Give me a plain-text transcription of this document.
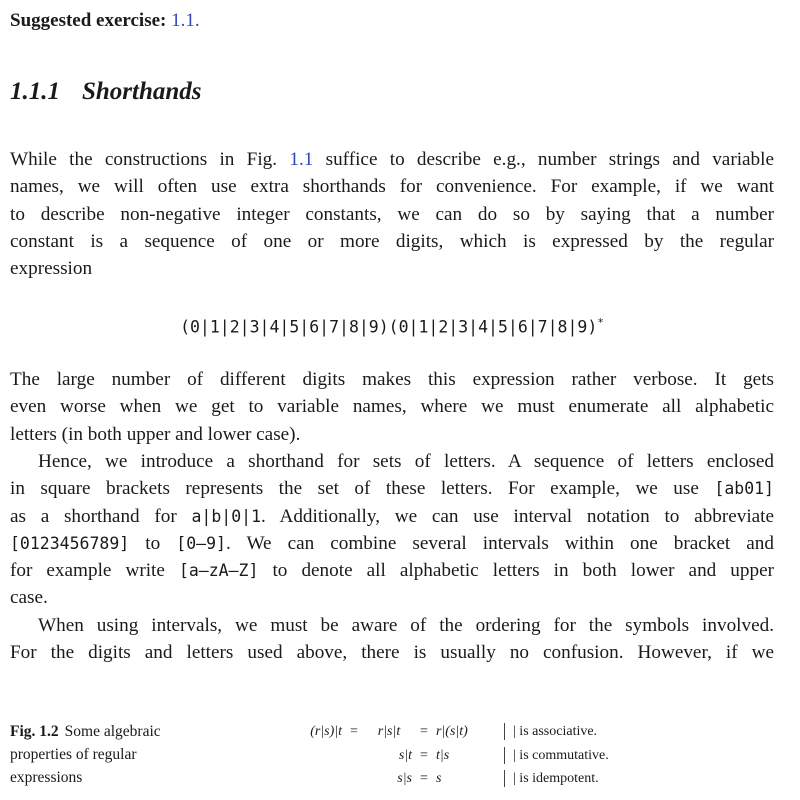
Suggested exercise: 1.1.
1.1.1 Shorthands

While the constructions in Fig. 1.1 suffice to describe e.g., number strings and variable
names, we will often use extra shorthands for convenience. For example, if we want
to describe non-negative integer constants, we can do so by saying that a number
constant is a sequence of one or more digits, which is expressed by the regular
expression

(0|1|2|3|4|5|6|7|8|9)(0|1|2|3|4|5|6|7|8|9)*

The large number of different digits makes this expression rather verbose. It gets
even worse when we get to variable names, where we must enumerate all alphabetic
letters (in both upper and lower case).

Hence, we introduce a shorthand for sets of letters. A sequence of letters enclosed
in square brackets represents the set of these letters. For example, we use [ab01]
as a shorthand for a|b|0|1. Additionally, we can use interval notation to abbreviate
[0123456789] to [0–9]. We can combine several intervals within one bracket and
for example write [a–zA–Z] to denote all alphabetic letters in both lower and upper
case.

When using intervals, we must be aware of the ordering for the symbols involved.
For the digits and letters used above, there is usually no confusion. However, if we

Fig. 1.2 Some algebraic
properties of regular
expressions
(r|s)|t =	r|s|t	= r|(s|t)	| is associative.
s|t = t|s	| is commutative.
s|s = s	| is idempotent.
